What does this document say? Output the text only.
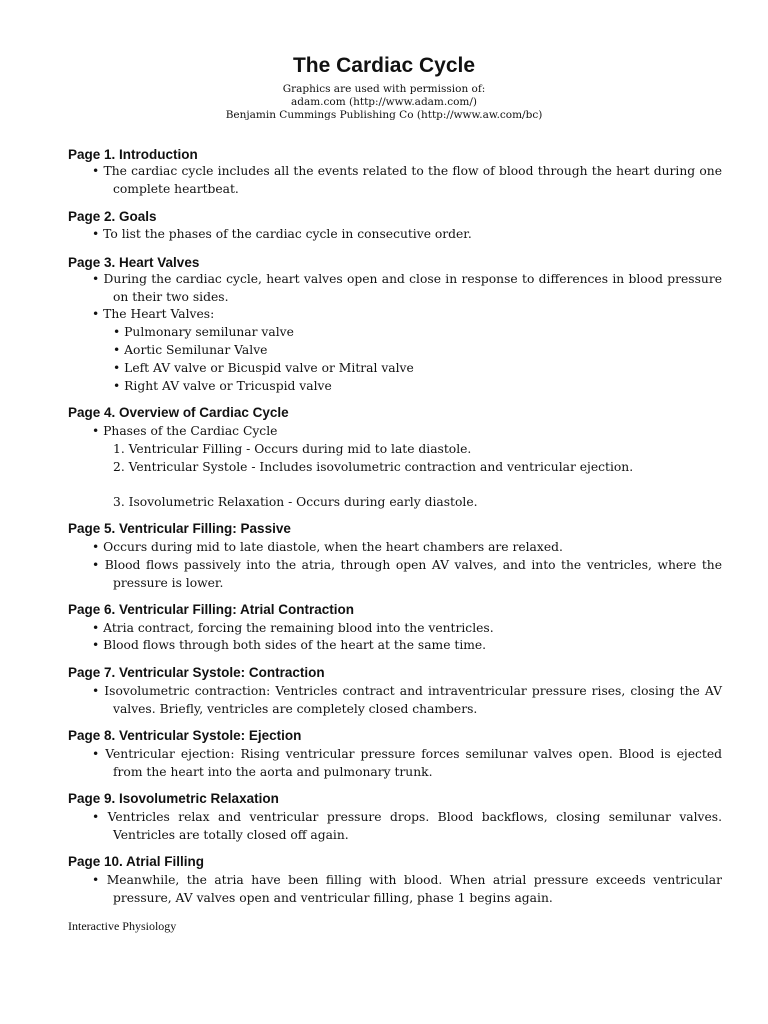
The Cardiac Cycle
Graphics are used with permission of:
adam.com (http://www.adam.com/)
Benjamin Cummings Publishing Co (http://www.aw.com/bc)
Page 1. Introduction
• The cardiac cycle includes all the events related to the flow of blood through the heart during one complete heartbeat.
Page 2. Goals
• To list the phases of the cardiac cycle in consecutive order.
Page 3. Heart Valves
• During the cardiac cycle, heart valves open and close in response to differences in blood pressure on their two sides.
• The Heart Valves:
• Pulmonary semilunar valve
• Aortic Semilunar Valve
• Left AV valve or Bicuspid valve or Mitral valve
• Right AV valve or Tricuspid valve
Page 4. Overview of Cardiac Cycle
• Phases of the Cardiac Cycle
1. Ventricular Filling - Occurs during mid to late diastole.
2. Ventricular Systole - Includes isovolumetric contraction and ventricular ejection.
3. Isovolumetric Relaxation - Occurs during early diastole.
Page 5. Ventricular Filling: Passive
• Occurs during mid to late diastole, when the heart chambers are relaxed.
• Blood flows passively into the atria, through open AV valves, and into the ventricles, where the pressure is lower.
Page 6. Ventricular Filling: Atrial Contraction
• Atria contract, forcing the remaining blood into the ventricles.
• Blood flows through both sides of the heart at the same time.
Page 7. Ventricular Systole: Contraction
• Isovolumetric contraction: Ventricles contract and intraventricular pressure rises, closing the AV valves. Briefly, ventricles are completely closed chambers.
Page 8. Ventricular Systole: Ejection
• Ventricular ejection: Rising ventricular pressure forces semilunar valves open. Blood is ejected from the heart into the aorta and pulmonary trunk.
Page 9. Isovolumetric Relaxation
• Ventricles relax and ventricular pressure drops. Blood backflows, closing semilunar valves. Ventricles are totally closed off again.
Page 10. Atrial Filling
• Meanwhile, the atria have been filling with blood. When atrial pressure exceeds ventricular pressure, AV valves open and ventricular filling, phase 1 begins again.
Interactive Physiology
